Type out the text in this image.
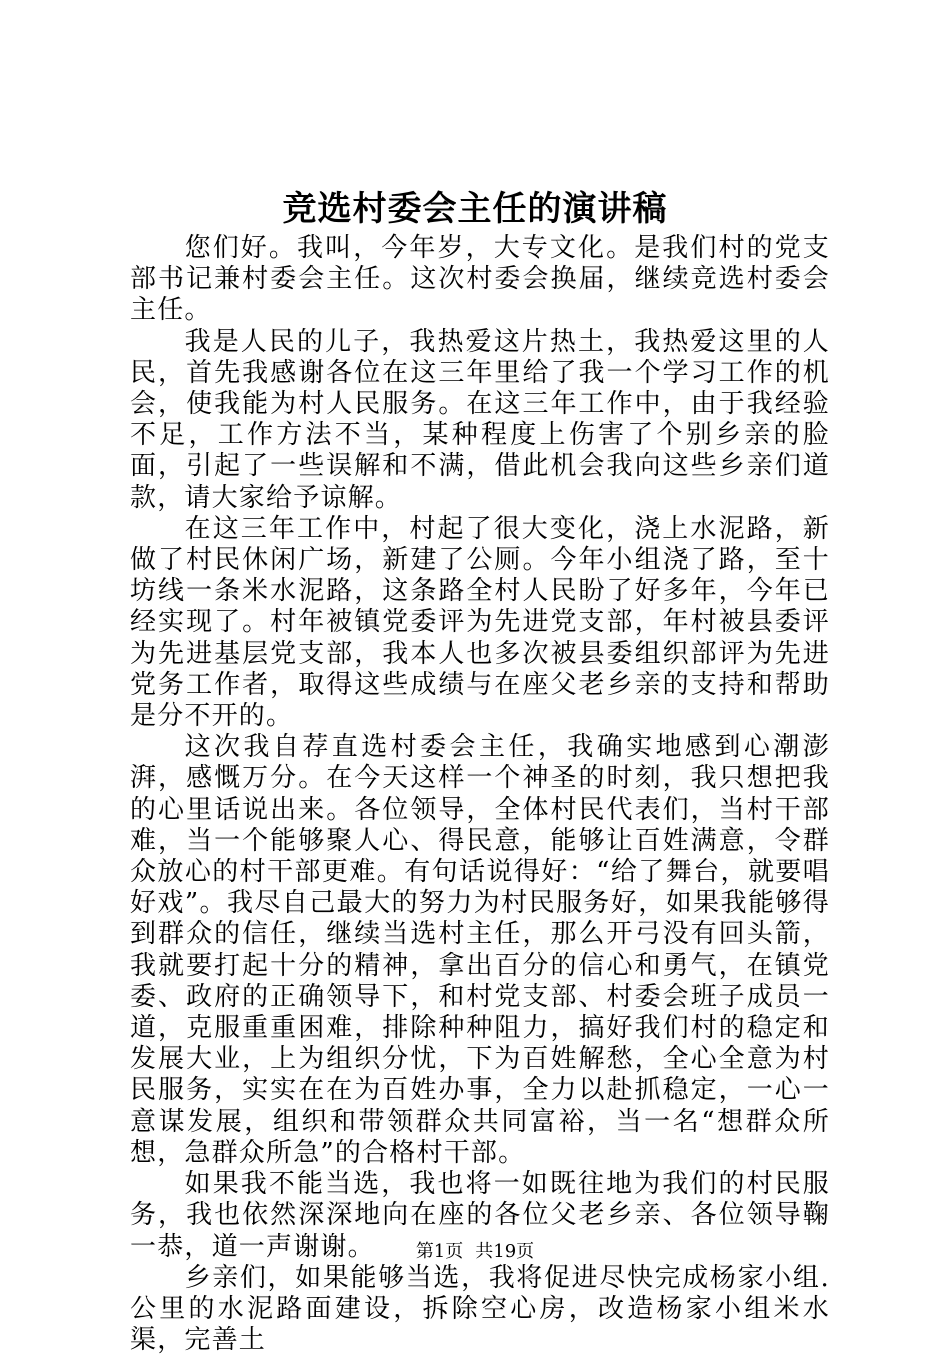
竞选村委会主任的演讲稿

您们好。我叫，今年岁，大专文化。是我们村的党支部书记兼村委会主任。这次村委会换届，继续竞选村委会主任。

我是人民的儿子，我热爱这片热土，我热爱这里的人民，首先我感谢各位在这三年里给了我一个学习工作的机会，使我能为村人民服务。在这三年工作中，由于我经验不足，工作方法不当，某种程度上伤害了个别乡亲的脸面，引起了一些误解和不满，借此机会我向这些乡亲们道款，请大家给予谅解。

在这三年工作中，村起了很大变化，浇上水泥路，新做了村民休闲广场，新建了公厕。今年小组浇了路，至十坊线一条米水泥路，这条路全村人民盼了好多年，今年已经实现了。村年被镇党委评为先进党支部，年村被县委评为先进基层党支部，我本人也多次被县委组织部评为先进党务工作者，取得这些成绩与在座父老乡亲的支持和帮助是分不开的。

这次我自荐直选村委会主任，我确实地感到心潮澎湃，感慨万分。在今天这样一个神圣的时刻，我只想把我的心里话说出来。各位领导，全体村民代表们，当村干部难，当一个能够聚人心、得民意，能够让百姓满意，令群众放心的村干部更难。有句话说得好：“给了舞台，就要唱好戏”。我尽自己最大的努力为村民服务好，如果我能够得到群众的信任，继续当选村主任，那么开弓没有回头箭，我就要打起十分的精神，拿出百分的信心和勇气，在镇党委、政府的正确领导下，和村党支部、村委会班子成员一道，克服重重困难，排除种种阻力，搞好我们村的稳定和发展大业，上为组织分忧，下为百姓解愁，全心全意为村民服务，实实在在为百姓办事，全力以赴抓稳定，一心一意谋发展，组织和带领群众共同富裕，当一名“想群众所想，急群众所急”的合格村干部。

如果我不能当选，我也将一如既往地为我们的村民服务，我也依然深深地向在座的各位父老乡亲、各位领导鞠一恭，道一声谢谢。

乡亲们，如果能够当选，我将促进尽快完成杨家小组.公里的水泥路面建设，拆除空心房，改造杨家小组米水渠，完善土

第1页 共19页
